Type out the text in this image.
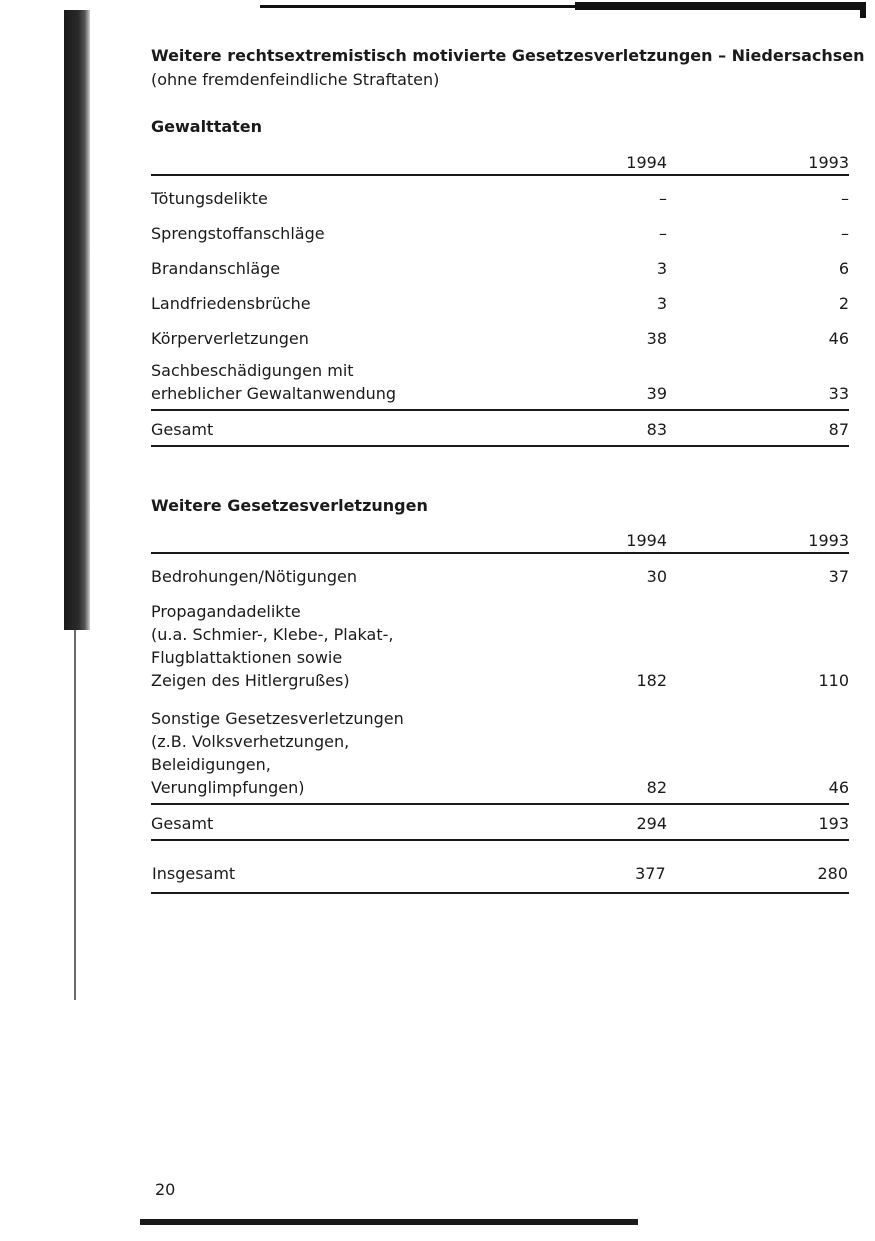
Weitere rechtsextremistisch motivierte Gesetzesverletzungen – Niedersachsen

(ohne fremdenfeindliche Straftaten)

Gewalttaten
	1994	1993

Tötungsdelikte	–	–

Sprengstoffanschläge	–	–

Brandanschläge	3	6

Landfriedensbrüche	3	2

Körperverletzungen	38	46

Sachbeschädigungen mit
erheblicher Gewaltanwendung	39	33
Gesamt	83	87
Weitere Gesetzesverletzungen
	1994	1993

Bedrohungen/Nötigungen	30	37

Propagandadelikte
(u.a. Schmier-, Klebe-, Plakat-,
Flugblattaktionen sowie
Zeigen des Hitlergrußes)	182	110

Sonstige Gesetzesverletzungen
(z.B. Volksverhetzungen,
Beleidigungen,
Verunglimpfungen)	82	46
Gesamt	294	193
Insgesamt	377	280

20
